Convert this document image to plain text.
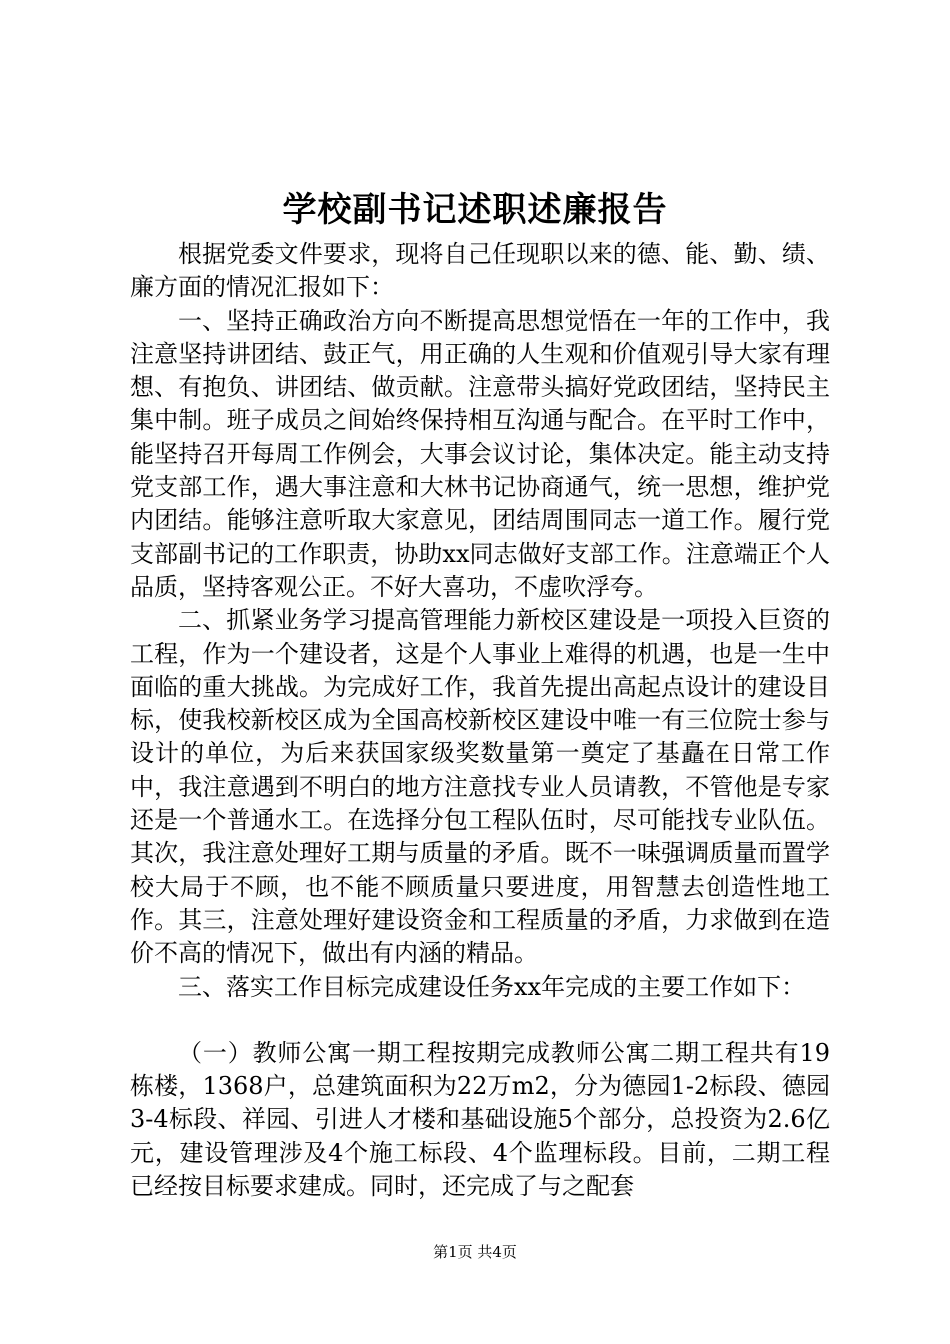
学校副书记述职述廉报告

根据党委文件要求，现将自己任现职以来的德、能、勤、绩、廉方面的情况汇报如下：

一、坚持正确政治方向不断提高思想觉悟在一年的工作中，我注意坚持讲团结、鼓正气，用正确的人生观和价值观引导大家有理想、有抱负、讲团结、做贡献。注意带头搞好党政团结，坚持民主集中制。班子成员之间始终保持相互沟通与配合。在平时工作中，能坚持召开每周工作例会，大事会议讨论，集体决定。能主动支持党支部工作，遇大事注意和大林书记协商通气，统一思想，维护党内团结。能够注意听取大家意见，团结周围同志一道工作。履行党支部副书记的工作职责，协助xx同志做好支部工作。注意端正个人品质，坚持客观公正。不好大喜功，不虚吹浮夸。

二、抓紧业务学习提高管理能力新校区建设是一项投入巨资的工程，作为一个建设者，这是个人事业上难得的机遇，也是一生中面临的重大挑战。为完成好工作，我首先提出高起点设计的建设目标，使我校新校区成为全国高校新校区建设中唯一有三位院士参与设计的单位，为后来获国家级奖数量第一奠定了基矗在日常工作中，我注意遇到不明白的地方注意找专业人员请教，不管他是专家还是一个普通水工。在选择分包工程队伍时，尽可能找专业队伍。其次，我注意处理好工期与质量的矛盾。既不一味强调质量而置学校大局于不顾，也不能不顾质量只要进度，用智慧去创造性地工作。其三，注意处理好建设资金和工程质量的矛盾，力求做到在造价不高的情况下，做出有内涵的精品。

三、落实工作目标完成建设任务xx年完成的主要工作如下：

（一）教师公寓一期工程按期完成教师公寓二期工程共有19栋楼，1368户，总建筑面积为22万m2，分为德园1-2标段、德园3-4标段、祥园、引进人才楼和基础设施5个部分，总投资为2.6亿元，建设管理涉及4个施工标段、4个监理标段。目前，二期工程已经按目标要求建成。同时，还完成了与之配套

第1页 共4页
